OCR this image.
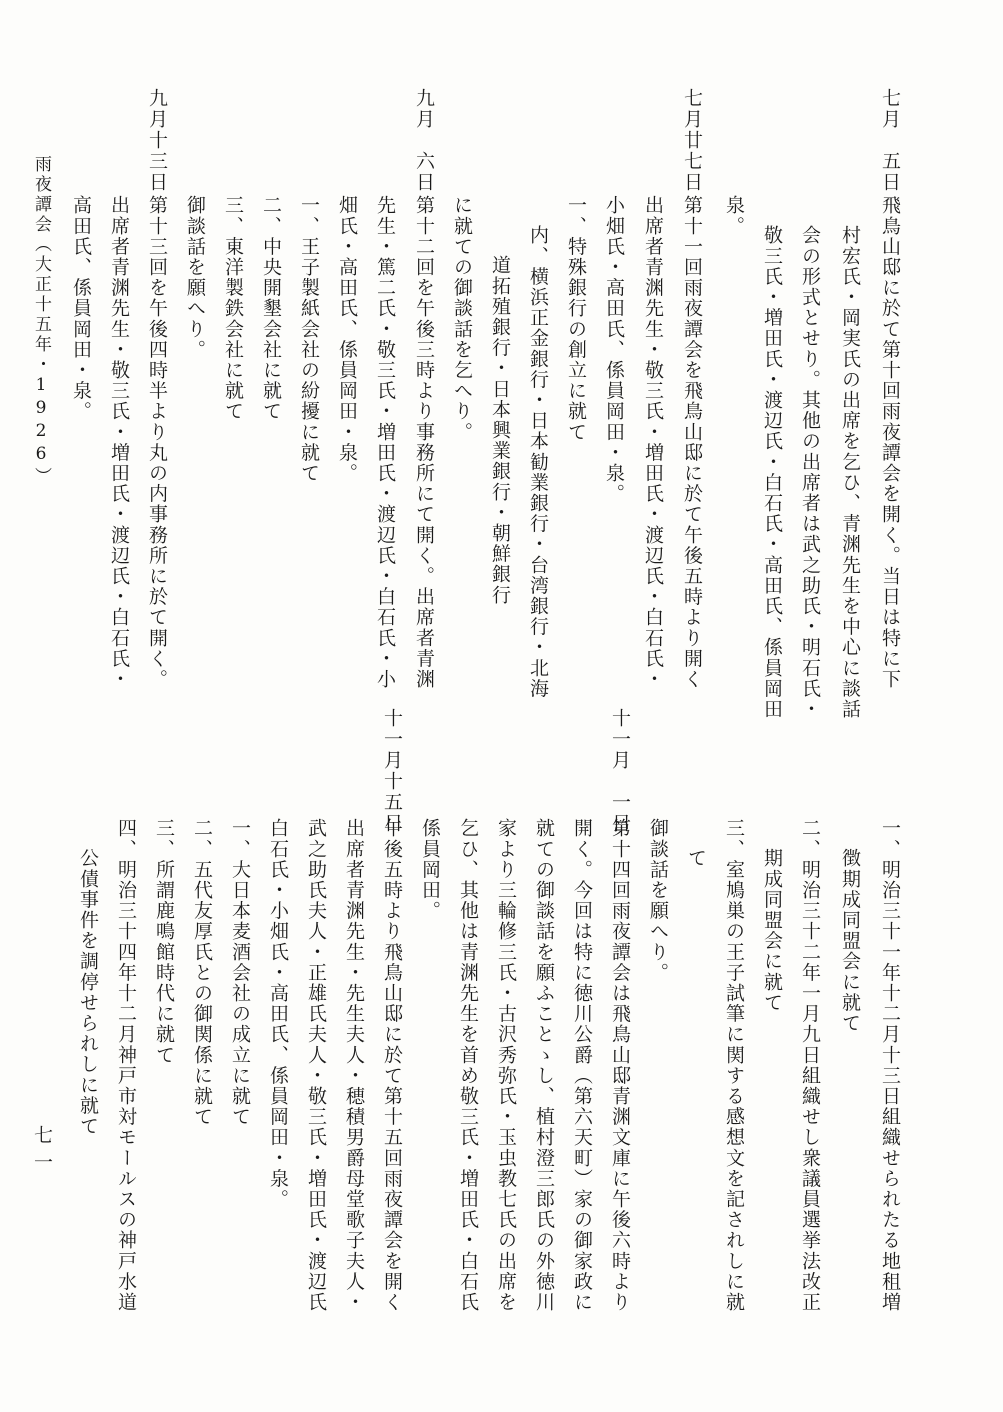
七月　五日
飛鳥山邸に於て第十回雨夜譚会を開く。当日は特に下
村宏氏・岡実氏の出席を乞ひ、青渊先生を中心に談話
会の形式とせり。其他の出席者は武之助氏・明石氏・
敬三氏・増田氏・渡辺氏・白石氏・高田氏、係員岡田
泉。
七月廿七日
第十一回雨夜譚会を飛鳥山邸に於て午後五時より開く
出席者青渊先生・敬三氏・増田氏・渡辺氏・白石氏・
小畑氏・高田氏、係員岡田・泉。
一、特殊銀行の創立に就て
内、横浜正金銀行・日本勧業銀行・台湾銀行・北海
道拓殖銀行・日本興業銀行・朝鮮銀行
に就ての御談話を乞へり。
九月　六日
第十二回を午後三時より事務所にて開く。出席者青渊
先生・篤二氏・敬三氏・増田氏・渡辺氏・白石氏・小
畑氏・高田氏、係員岡田・泉。
一、王子製紙会社の紛擾に就て
二、中央開墾会社に就て
三、東洋製鉄会社に就て
御談話を願へり。
九月十三日
第十三回を午後四時半より丸の内事務所に於て開く。
出席者青渊先生・敬三氏・増田氏・渡辺氏・白石氏・
高田氏、係員岡田・泉。
雨夜譚会（大正十五年・1926）
一、明治三十一年十二月十三日組織せられたる地租増
徴期成同盟会に就て
二、明治三十二年一月九日組織せし衆議員選挙法改正
期成同盟会に就て
三、室鳩巣の王子試筆に関する感想文を記されしに就
て
御談話を願へり。
十一月　一日
第十四回雨夜譚会は飛鳥山邸青渊文庫に午後六時より
開く。今回は特に徳川公爵（第六天町）家の御家政に
就ての御談話を願ふことゝし、植村澄三郎氏の外徳川
家より三輪修三氏・古沢秀弥氏・玉虫教七氏の出席を
乞ひ、其他は青渊先生を首め敬三氏・増田氏・白石氏
係員岡田。
十一月十五日
午後五時より飛鳥山邸に於て第十五回雨夜譚会を開く
出席者青渊先生・先生夫人・穂積男爵母堂歌子夫人・
武之助氏夫人・正雄氏夫人・敬三氏・増田氏・渡辺氏
白石氏・小畑氏・高田氏、係員岡田・泉。
一、大日本麦酒会社の成立に就て
二、五代友厚氏との御関係に就て
三、所謂鹿鳴館時代に就て
四、明治三十四年十二月神戸市対モールスの神戸水道
公債事件を調停せられしに就て
七一
